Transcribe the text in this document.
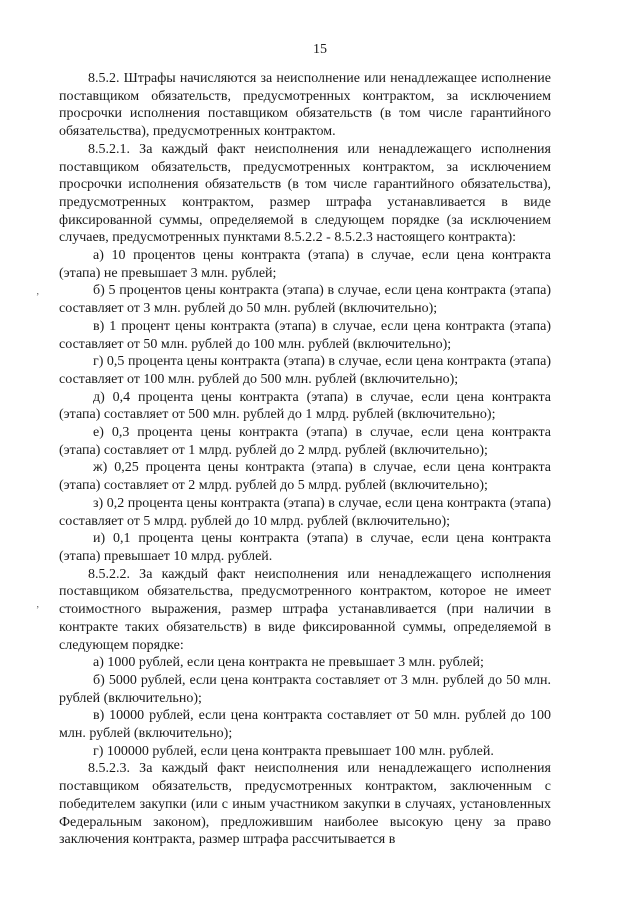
15
’
’

8.5.2. Штрафы начисляются за неисполнение или ненадлежащее исполнение поставщиком обязательств, предусмотренных контрактом, за исключением просрочки исполнения поставщиком обязательств (в том числе гарантийного обязательства), предусмотренных контрактом.

8.5.2.1. За каждый факт неисполнения или ненадлежащего исполнения поставщиком обязательств, предусмотренных контрактом, за исключением просрочки исполнения обязательств (в том числе гарантийного обязательства), предусмотренных контрактом, размер штрафа устанавливается в виде фиксированной суммы, определяемой в следующем порядке (за исключением случаев, предусмотренных пунктами 8.5.2.2 - 8.5.2.3 настоящего контракта):

а) 10 процентов цены контракта (этапа) в случае, если цена контракта (этапа) не превышает 3 млн. рублей;

б) 5 процентов цены контракта (этапа) в случае, если цена контракта (этапа) составляет от 3 млн. рублей до 50 млн. рублей (включительно);

в) 1 процент цены контракта (этапа) в случае, если цена контракта (этапа) составляет от 50 млн. рублей до 100 млн. рублей (включительно);

г) 0,5 процента цены контракта (этапа) в случае, если цена контракта (этапа) составляет от 100 млн. рублей до 500 млн. рублей (включительно);

д) 0,4 процента цены контракта (этапа) в случае, если цена контракта (этапа) составляет от 500 млн. рублей до 1 млрд. рублей (включительно);

е) 0,3 процента цены контракта (этапа) в случае, если цена контракта (этапа) составляет от 1 млрд. рублей до 2 млрд. рублей (включительно);

ж) 0,25 процента цены контракта (этапа) в случае, если цена контракта (этапа) составляет от 2 млрд. рублей до 5 млрд. рублей (включительно);

з) 0,2 процента цены контракта (этапа) в случае, если цена контракта (этапа) составляет от 5 млрд. рублей до 10 млрд. рублей (включительно);

и) 0,1 процента цены контракта (этапа) в случае, если цена контракта (этапа) превышает 10 млрд. рублей.

8.5.2.2. За каждый факт неисполнения или ненадлежащего исполнения поставщиком обязательства, предусмотренного контрактом, которое не имеет стоимостного выражения, размер штрафа устанавливается (при наличии в контракте таких обязательств) в виде фиксированной суммы, определяемой в следующем порядке:

а) 1000 рублей, если цена контракта не превышает 3 млн. рублей;

б) 5000 рублей, если цена контракта составляет от 3 млн. рублей до 50 млн. рублей (включительно);

в) 10000 рублей, если цена контракта составляет от 50 млн. рублей до 100 млн. рублей (включительно);

г) 100000 рублей, если цена контракта превышает 100 млн. рублей.

8.5.2.3. За каждый факт неисполнения или ненадлежащего исполнения поставщиком обязательств, предусмотренных контрактом, заключенным с победителем закупки (или с иным участником закупки в случаях, установленных Федеральным законом), предложившим наиболее высокую цену за право заключения контракта, размер штрафа рассчитывается в
